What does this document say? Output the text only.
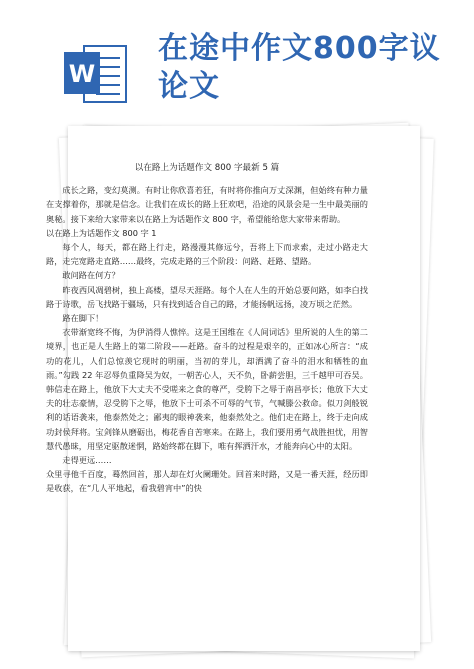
W
在途中作文800字议论文
以在路上为话题作文 800 字最新 5 篇

成长之路，变幻莫测。有时让你欣喜若狂，有时将你推向万丈深渊，但始终有种力量在支撑着你，那就是信念。让我们在成长的路上狂欢吧，沿途的风景会是一生中最美丽的奥秘。接下来给大家带来以在路上为话题作文 800 字，希望能给您大家带来帮助。

以在路上为话题作文 800 字 1

每个人，每天，都在路上行走，路漫漫其修远兮，吾将上下而求索，走过小路走大路，走完宽路走直路……最终，完成走路的三个阶段：问路、赶路、望路。

敢问路在何方？

昨夜西风凋碧树，独上高楼，望尽天涯路。每个人在人生的开始总要问路，如李白找路于诗歌，岳飞找路于疆场，只有找到适合自己的路，才能扬帆远扬，凌万顷之茫然。

路在脚下！

衣带渐宽终不悔，为伊消得人憔悴。这是王国维在《人间词话》里所说的人生的第二境界，也正是人生路上的第二阶段——赶路。奋斗的过程是艰辛的，正如冰心所言：“成功的花儿，人们总惊羡它现时的明丽，当初的芽儿，却洒满了奋斗的泪水和牺牲的血雨。”勾践 22 年忍辱负重降吴为奴，一朝苦心人，天不负，卧薪尝胆，三千越甲可吞吴。韩信走在路上，他放下大丈夫不受嗟来之食的尊严，受胯下之辱于南昌亭长；他放下大丈夫的壮志豪情，忍受胯下之辱，他放下士可杀不可辱的气节，气喊滕公救命。似刀剑般锐利的话语袭来，他泰然处之；鄙夷的眼神袭来，他泰然处之。他们走在路上，终于走向成功封侯拜将。宝剑锋从磨砺出，梅花香自苦寒来。在路上，我们要用勇气战胜担忧，用智慧代愚昧，用坚定驱散迷惘，路始终都在脚下，唯有挥洒汗水，才能奔向心中的太阳。

走得更远……

众里寻他千百度，蓦然回首，那人却在灯火阑珊处。回首来时路，又是一番天涯，经历即是收获，在“几人平地起，看我碧宵中”的快
